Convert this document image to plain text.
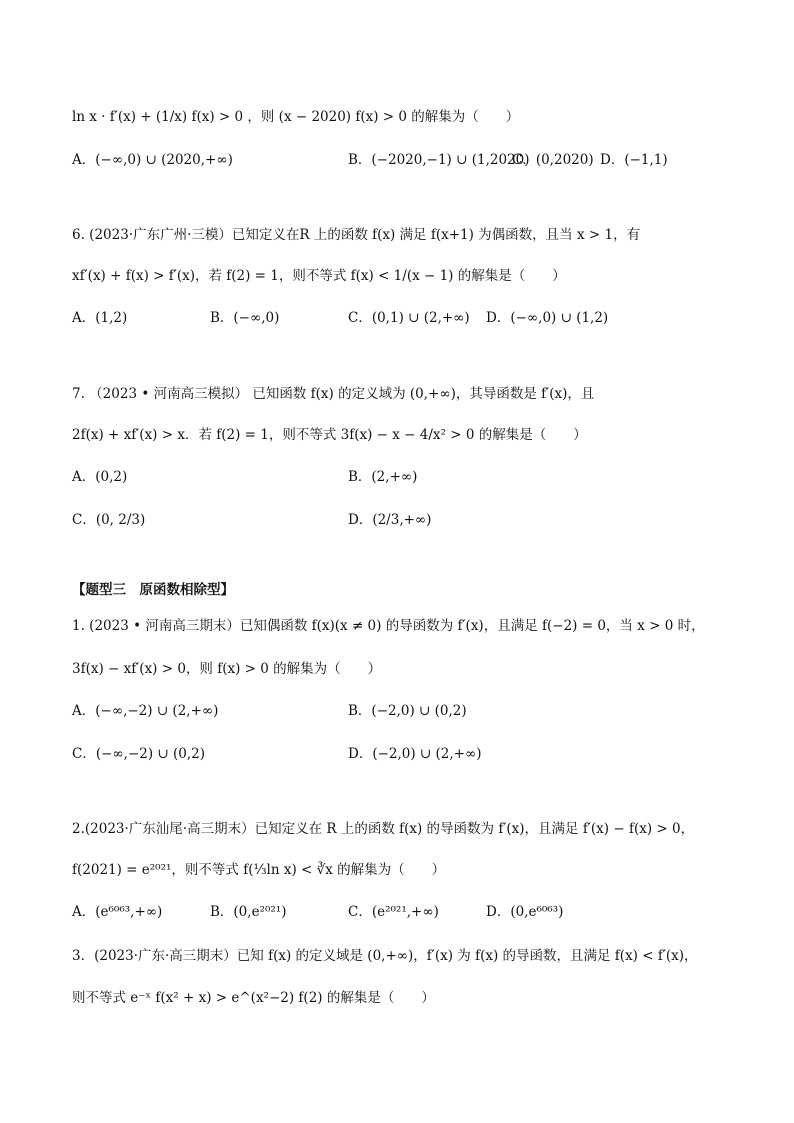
ln x · f′(x) + (1/x) f(x) > 0 ，则 (x − 2020) f(x) > 0 的解集为（　　）
A．(−∞,0) ∪ (2020,+∞)	B．(−2020,−1) ∪ (1,2020)
C．(0,2020) D．(−1,1)
6. (2023·广东广州·三模）已知定义在R 上的函数 f(x) 满足 f(x+1) 为偶函数，且当 x > 1，有
xf′(x) + f(x) > f′(x)，若 f(2) = 1，则不等式 f(x) < 1/(x − 1) 的解集是（　　）
A．(1,2)	B．(−∞,0)	C．(0,1) ∪ (2,+∞) D．(−∞,0) ∪ (1,2)
7. （2023 • 河南高三模拟） 已知函数 f(x) 的定义域为 (0,+∞)，其导函数是 f′(x)，且
2f(x) + xf′(x) > x．若 f(2) = 1，则不等式 3f(x) − x − 4/x² > 0 的解集是（　　）
A．(0,2)	B．(2,+∞)
C．(0, 2/3)	D．(2/3,+∞)
【题型三　原函数相除型】
1. (2023 • 河南高三期末）已知偶函数 f(x)(x ≠ 0) 的导函数为 f′(x)，且满足 f(−2) = 0，当 x > 0 时，
3f(x) − xf′(x) > 0，则 f(x) > 0 的解集为（　　）
A．(−∞,−2) ∪ (2,+∞)	B．(−2,0) ∪ (0,2)
C．(−∞,−2) ∪ (0,2)	D．(−2,0) ∪ (2,+∞)
2.(2023·广东汕尾·高三期末）已知定义在 R 上的函数 f(x) 的导函数为 f′(x)，且满足 f′(x) − f(x) > 0，
f(2021) = e²⁰²¹，则不等式 f(⅓ln x) < ∛x 的解集为（　　）
A．(e⁶⁰⁶³,+∞)	B．(0,e²⁰²¹)	C．(e²⁰²¹,+∞)	D．(0,e⁶⁰⁶³)
3．(2023·广东·高三期末）已知 f(x) 的定义域是 (0,+∞)，f′(x) 为 f(x) 的导函数，且满足 f(x) < f′(x)，
则不等式 e⁻ˣ f(x² + x) > e^(x²−2) f(2) 的解集是（　　）
